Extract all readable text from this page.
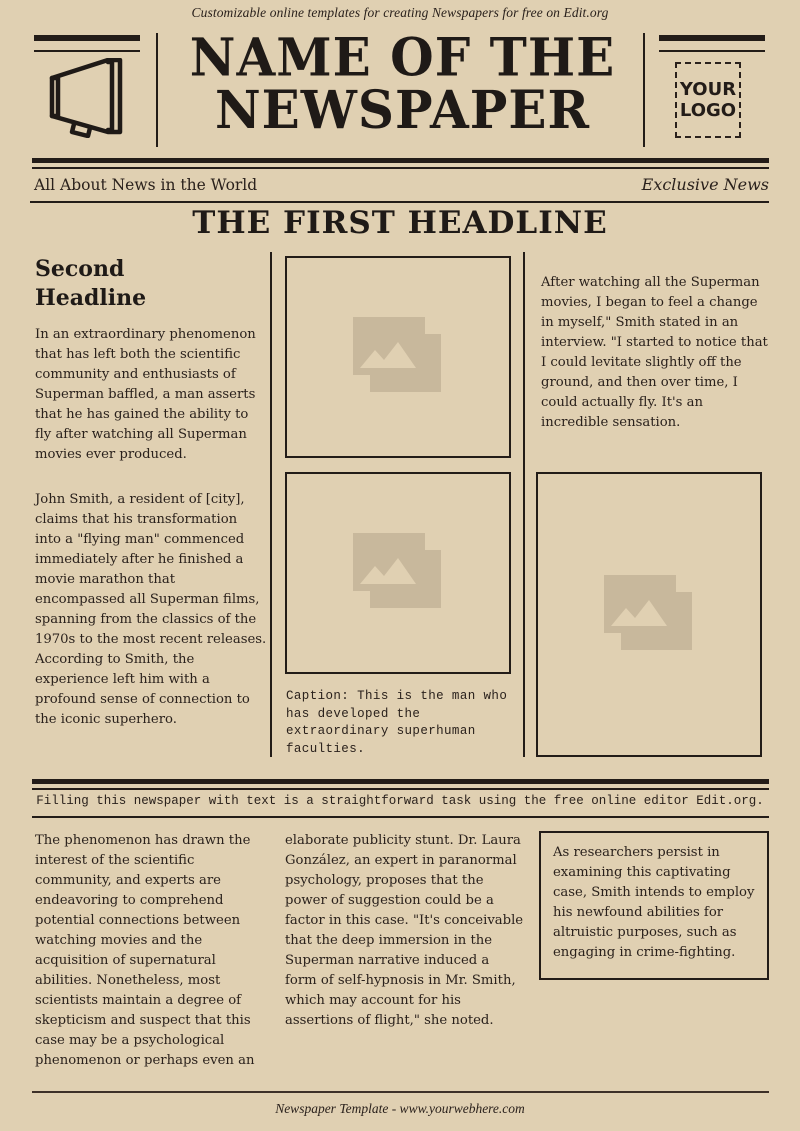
Customizable online templates for creating Newspapers for free on Edit.org
NAME OF THE
NEWSPAPER	YOUR
LOGO
All About News in the World	Exclusive News
THE FIRST HEADLINE
Second
Headline
In an extraordinary phenomenon that has left both the scientific community and enthusiasts of Superman baffled, a man asserts that he has gained the ability to fly after watching all Superman movies ever produced.
John Smith, a resident of [city], claims that his transformation into a "flying man" commenced immediately after he finished a movie marathon that encompassed all Superman films, spanning from the classics of the 1970s to the most recent releases. According to Smith, the experience left him with a profound sense of connection to the iconic superhero.
Caption: This is the man who has developed the extraordinary superhuman faculties.
After watching all the Superman movies, I began to feel a change in myself," Smith stated in an interview. "I started to notice that I could levitate slightly off the ground, and then over time, I could actually fly. It's an incredible sensation.
Filling this newspaper with text is a straightforward task using the free online editor Edit.org.
The phenomenon has drawn the interest of the scientific community, and experts are endeavoring to comprehend potential connections between watching movies and the acquisition of supernatural abilities. Nonetheless, most scientists maintain a degree of skepticism and suspect that this case may be a psychological phenomenon or perhaps even an
elaborate publicity stunt. Dr. Laura González, an expert in paranormal psychology, proposes that the power of suggestion could be a factor in this case. "It's conceivable that the deep immersion in the Superman narrative induced a form of self-hypnosis in Mr. Smith, which may account for his assertions of flight," she noted.
As researchers persist in examining this captivating case, Smith intends to employ his newfound abilities for altruistic purposes, such as engaging in crime-fighting.
Newspaper Template - www.yourwebhere.com
